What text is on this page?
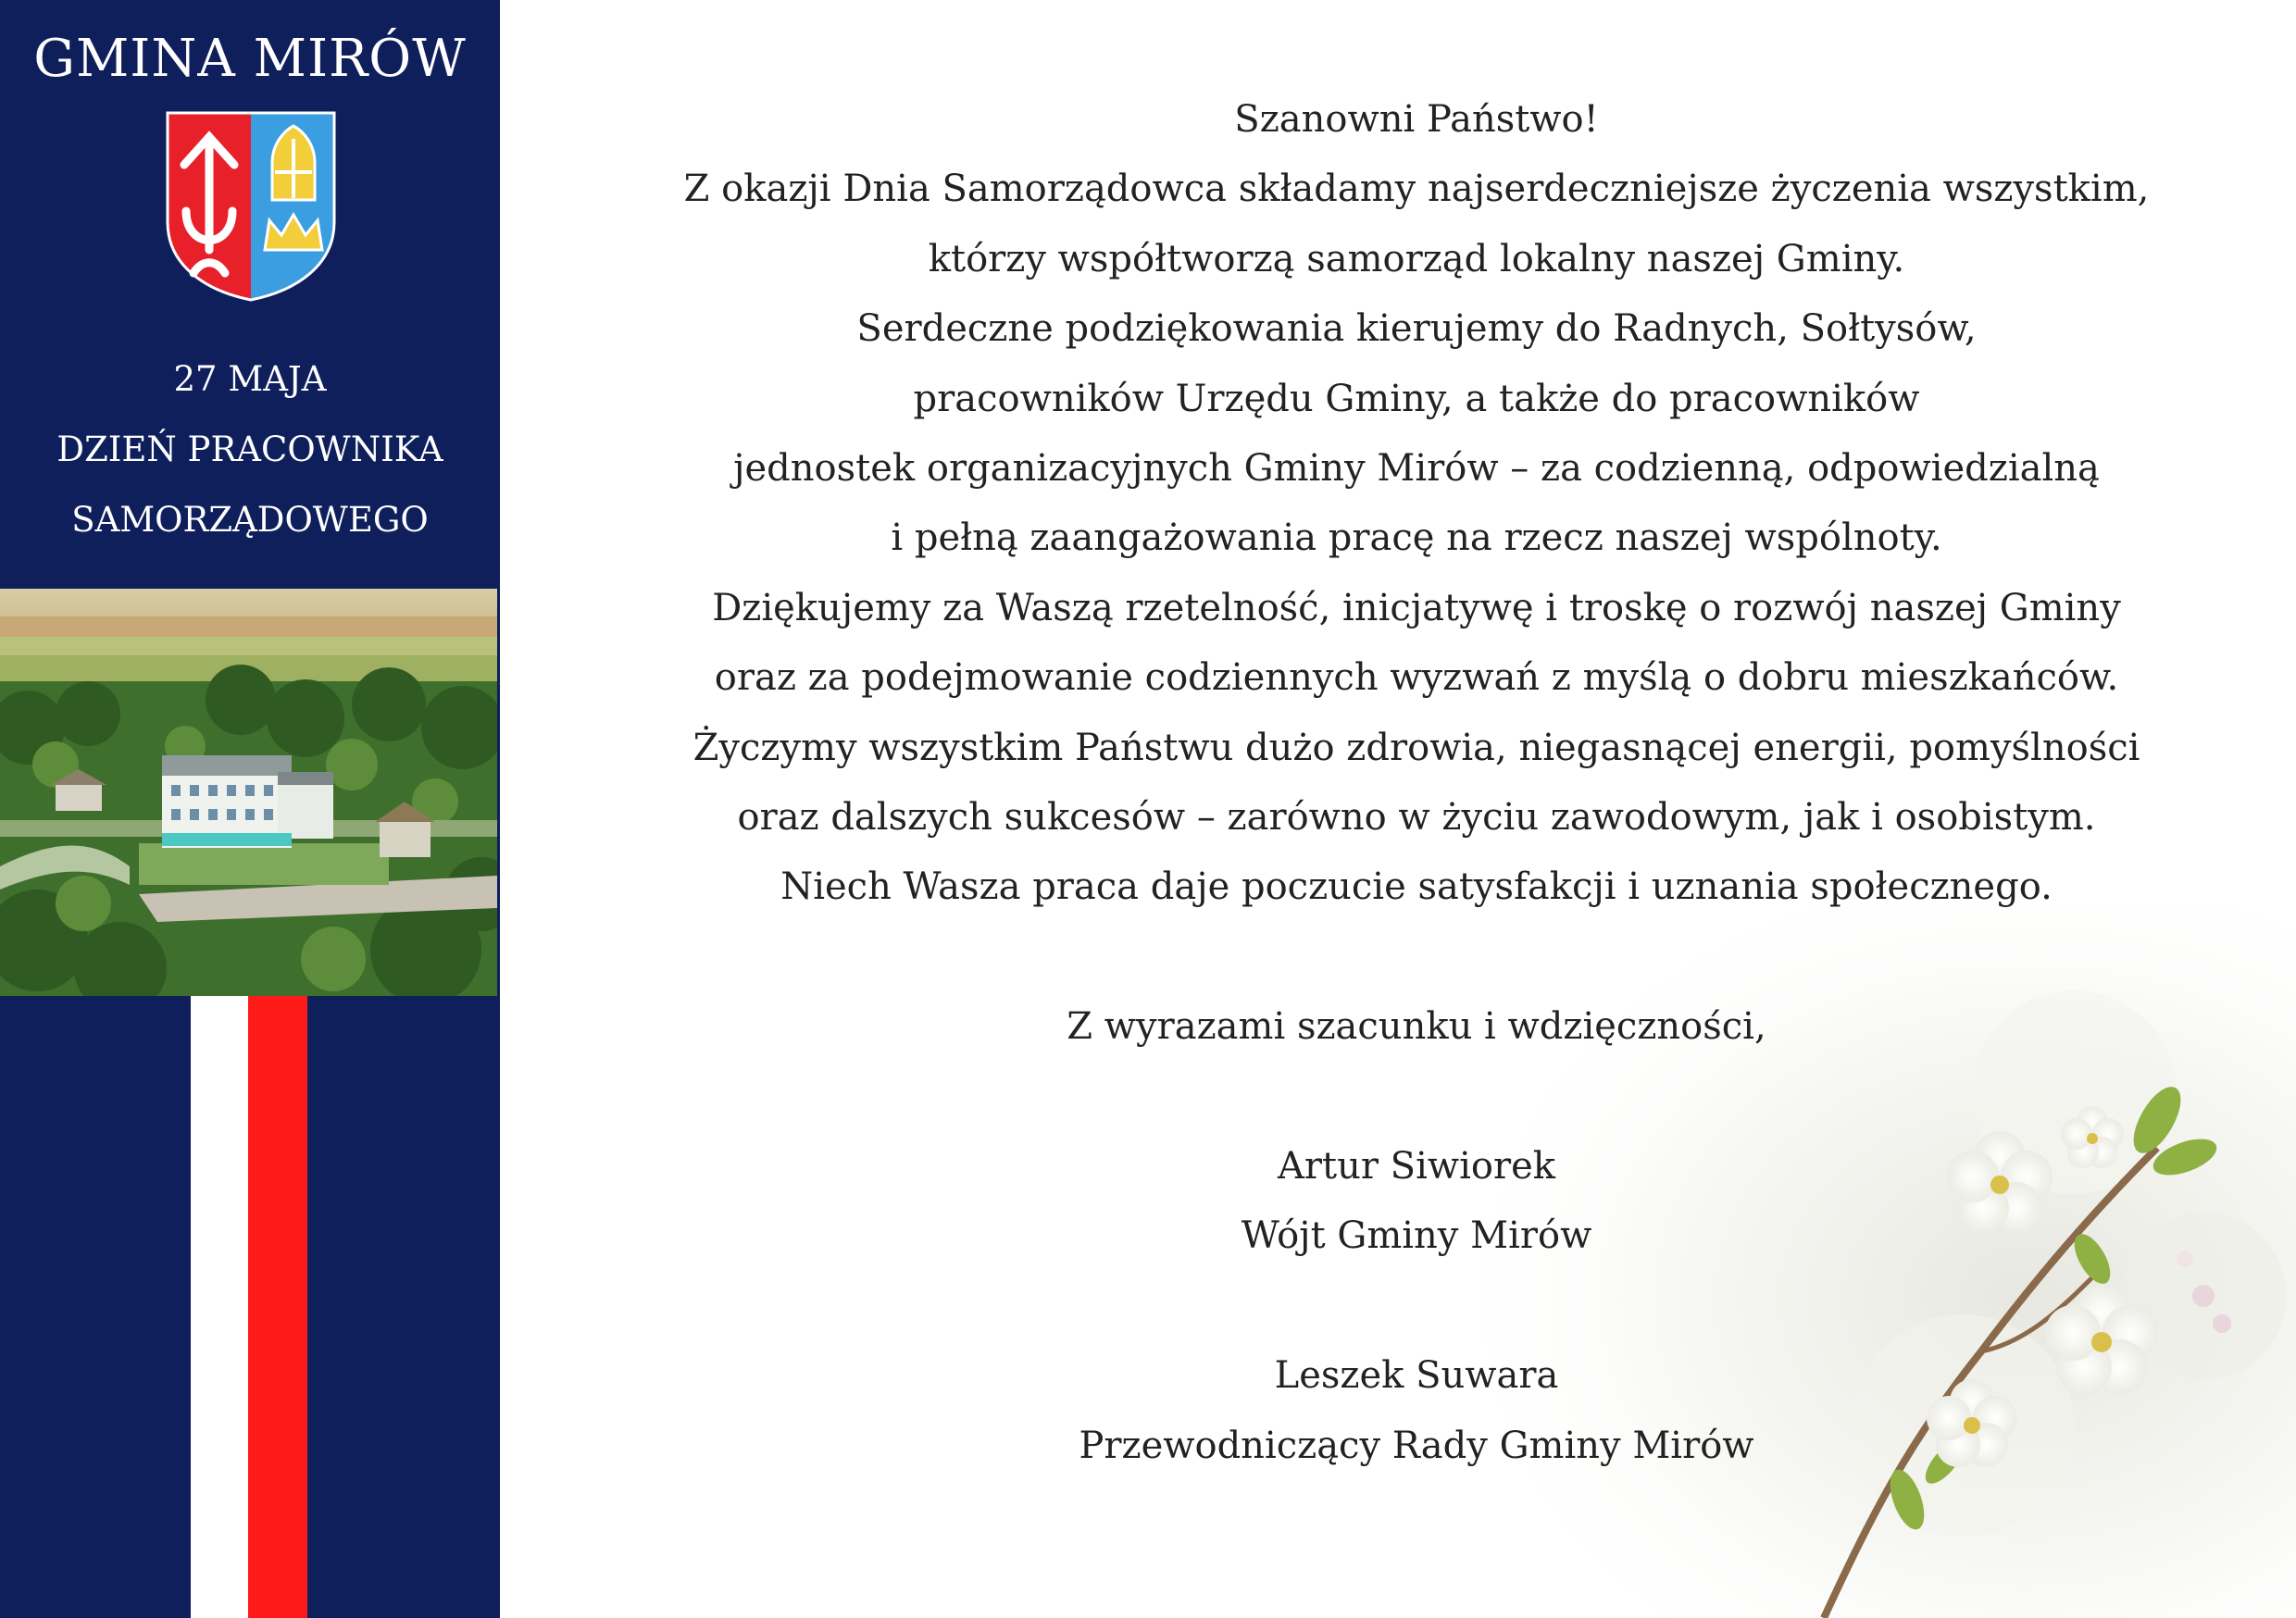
GMINA MIRÓW
27 MAJA
DZIEŃ PRACOWNIKA
SAMORZĄDOWEGO
Szanowni Państwo!
Z okazji Dnia Samorządowca składamy najserdeczniejsze życzenia wszystkim,
którzy współtworzą samorząd lokalny naszej Gminy.
Serdeczne podziękowania kierujemy do Radnych, Sołtysów,
pracowników Urzędu Gminy, a także do pracowników
jednostek organizacyjnych Gminy Mirów – za codzienną, odpowiedzialną
i pełną zaangażowania pracę na rzecz naszej wspólnoty.
Dziękujemy za Waszą rzetelność, inicjatywę i troskę o rozwój naszej Gminy
oraz za podejmowanie codziennych wyzwań z myślą o dobru mieszkańców.
Życzymy wszystkim Państwu dużo zdrowia, niegasnącej energii, pomyślności
oraz dalszych sukcesów – zarówno w życiu zawodowym, jak i osobistym.
Niech Wasza praca daje poczucie satysfakcji i uznania społecznego.
Z wyrazami szacunku i wdzięczności,
Artur Siwiorek
Wójt Gminy Mirów
Leszek Suwara
Przewodniczący Rady Gminy Mirów
